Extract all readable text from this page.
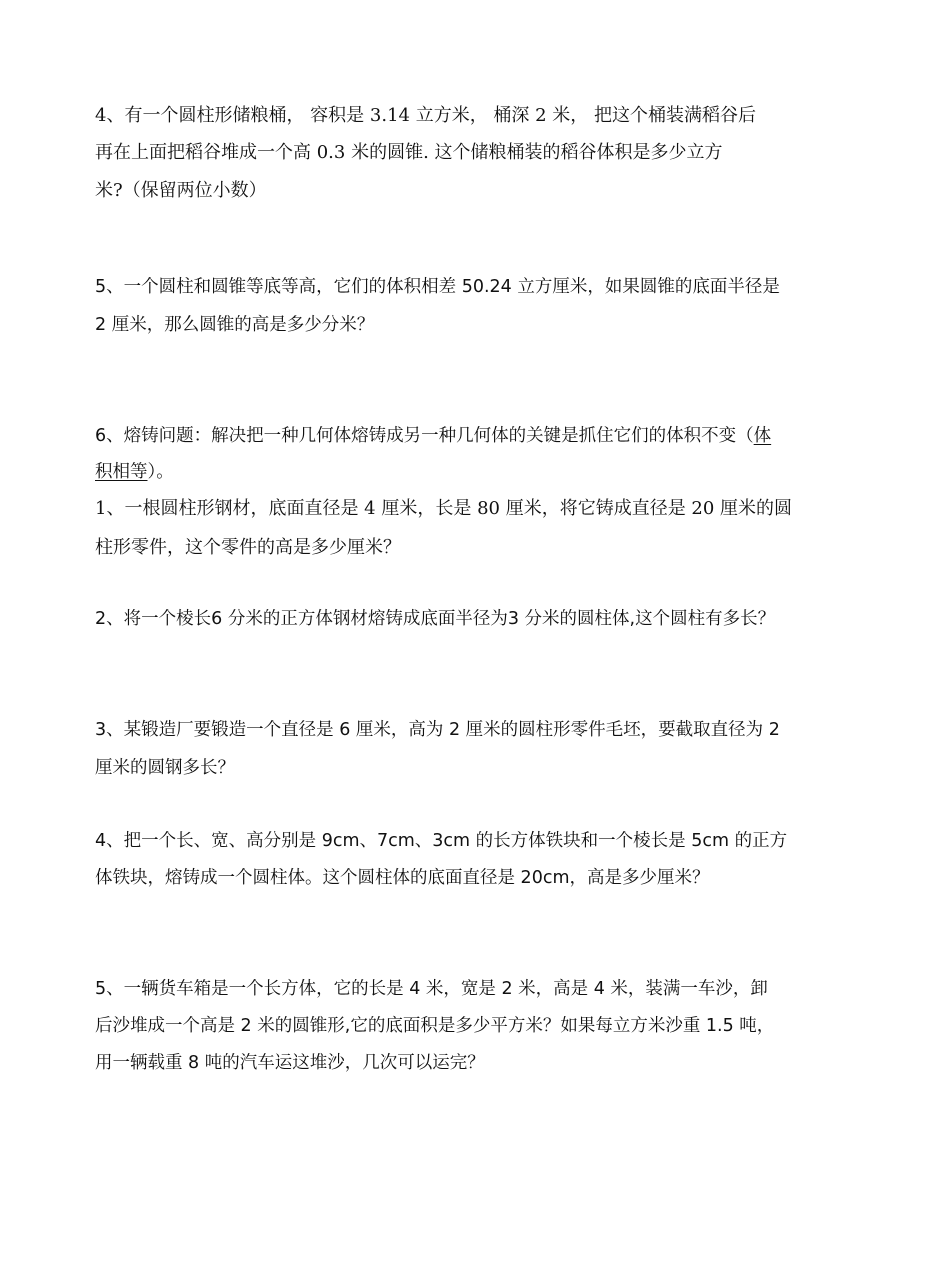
4、有一个圆柱形储粮桶， 容积是 3.14 立方米， 桶深 2 米， 把这个桶装满稻谷后
再在上面把稻谷堆成一个高 0.3 米的圆锥. 这个储粮桶装的稻谷体积是多少立方
米?（保留两位小数）
5、一个圆柱和圆锥等底等高，它们的体积相差 50.24 立方厘米，如果圆锥的底面半径是
2 厘米，那么圆锥的高是多少分米？
6、熔铸问题：解决把一种几何体熔铸成另一种几何体的关键是抓住它们的体积不变（体
积相等）。
1、一根圆柱形钢材，底面直径是 4 厘米，长是 80 厘米，将它铸成直径是 20 厘米的圆
柱形零件，这个零件的高是多少厘米？
2、将一个棱长6 分米的正方体钢材熔铸成底面半径为3 分米的圆柱体,这个圆柱有多长？
3、某锻造厂要锻造一个直径是 6 厘米，高为 2 厘米的圆柱形零件毛坯，要截取直径为 2
厘米的圆钢多长？
4、把一个长、宽、高分别是 9cm、7cm、3cm 的长方体铁块和一个棱长是 5cm 的正方
体铁块，熔铸成一个圆柱体。这个圆柱体的底面直径是 20cm，高是多少厘米？
5、一辆货车箱是一个长方体，它的长是 4 米，宽是 2 米，高是 4 米，装满一车沙，卸
后沙堆成一个高是 2 米的圆锥形,它的底面积是多少平方米？如果每立方米沙重 1.5 吨，
用一辆载重 8 吨的汽车运这堆沙，几次可以运完？
